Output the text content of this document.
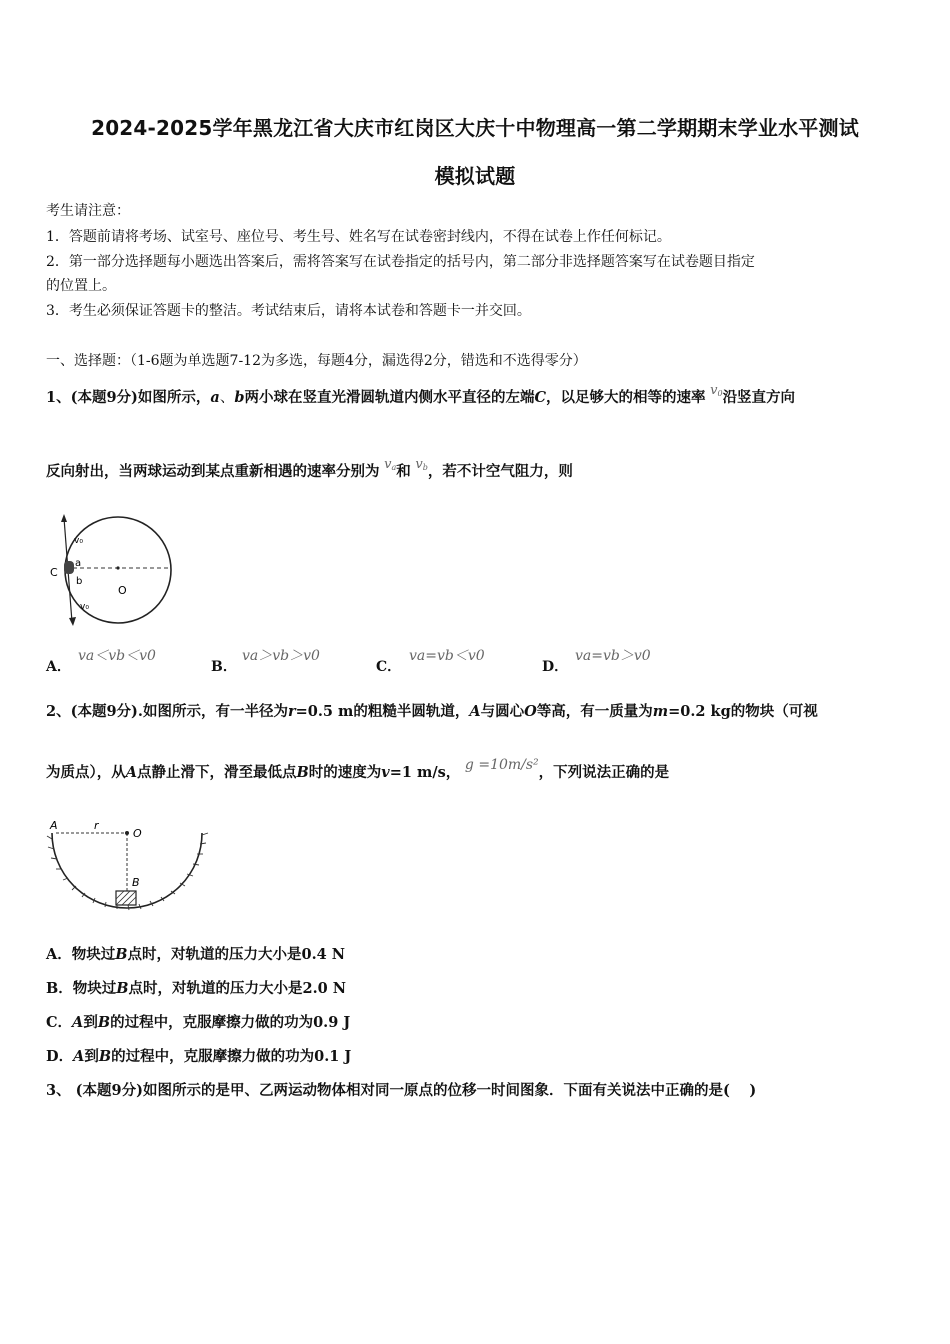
2024-2025学年黑龙江省大庆市红岗区大庆十中物理高一第二学期期末学业水平测试
模拟试题
考生请注意：
1．答题前请将考场、试室号、座位号、考生号、姓名写在试卷密封线内，不得在试卷上作任何标记。
2．第一部分选择题每小题选出答案后，需将答案写在试卷指定的括号内，第二部分非选择题答案写在试卷题目指定
的位置上。
3．考生必须保证答题卡的整洁。考试结束后，请将本试卷和答题卡一并交回。
一、选择题：（1-6题为单选题7-12为多选，每题4分，漏选得2分，错选和不选得零分）
1、(本题9分)如图所示，a、b两小球在竖直光滑圆轨道内侧水平直径的左端C，以足够大的相等的速率 $v_0$沿竖直方向
反向射出，当两球运动到某点重新相遇的速率分别为 $v_a$和 $v_b$，若不计空气阻力，则
v₀
a
b
C
O
v₀
A．
va＜vb＜v0
B．
va＞vb＞v0
C．
va=vb＜v0
D．
va=vb＞v0
2、(本题9分).如图所示，有一半径为r=0.5 m的粗糙半圆轨道，A与圆心O等高，有一质量为m=0.2 kg的物块（可视
为质点），从A点静止滑下，滑至最低点B时的速度为v=1 m/s， g =10m/s²，下列说法正确的是
A	r
O
B
A．物块过B点时，对轨道的压力大小是0.4 N
B．物块过B点时，对轨道的压力大小是2.0 N
C．A到B的过程中，克服摩擦力做的功为0.9 J
D．A到B的过程中，克服摩擦力做的功为0.1 J
3、 (本题9分)如图所示的是甲、乙两运动物体相对同一原点的位移一时间图象．下面有关说法中正确的是(　 )
